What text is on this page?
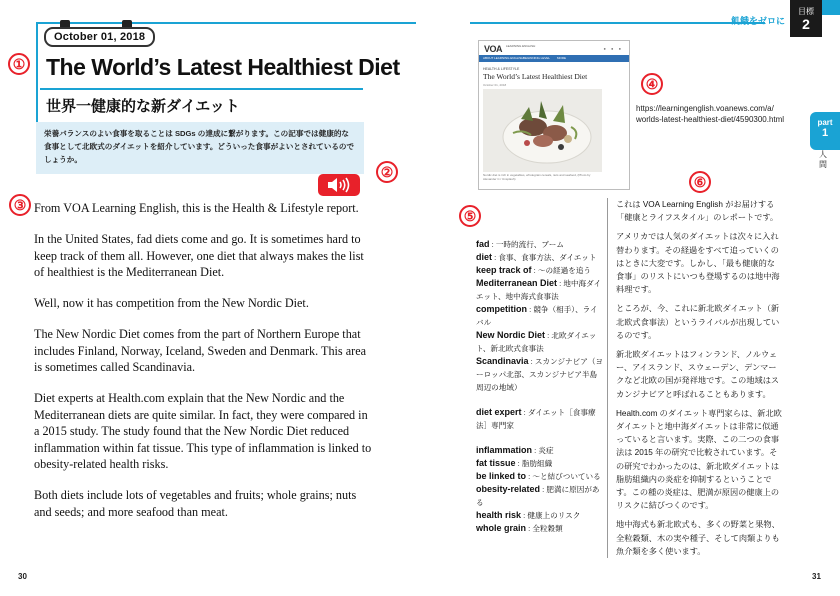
October 01, 2018
飢餓をゼロに
目標
2
①
②
③
④
⑤
⑥
The World’s Latest Healthiest Diet
世界一健康的な新ダイエット
栄養バランスのよい食事を取ることは SDGs の達成に繋がります。この記事では健康的な食事として北欧式のダイエットを紹介しています。どういった食事がよいとされているのでしょうか。

From VOA Learning English, this is the Health & Lifestyle report.

In the United States, fad diets come and go. It is sometimes hard to keep track of them all. However, one diet that always makes the list of healthiest is the Mediterranean Diet.

Well, now it has competition from the New Nordic Diet.

The New Nordic Diet comes from the part of Northern Europe that includes Finland, Norway, Iceland, Sweden and Denmark. This area is sometimes called Scandinavia.

Diet experts at Health.com explain that the New Nordic and the Mediterranean diets are quite similar. In fact, they were compared in a 2015 study. The study found that the New Nordic Diet reduced inflammation within fat tissue. This type of inflammation is linked to obesity-related health risks.

Both diets include lots of vegetables and fruits; whole grains; nuts and seeds; and more seafood than meat.

VOA LEARNING ENGLISH	● ● ●
ABOUT LEARNING ENGLISH BEGINNING LEVEL MORE
HEALTH & LIFESTYLE
The World’s Latest Healthiest Diet
October 01, 2018
Nordic diet is rich in vegetables, wholegrain cereals, nuts and seafood, (Photo by Alexander C./ Unsplash)
https://learningenglish.voanews.com/a/
worlds-latest-healthiest-diet/4590300.html	part
1
人
間
fad : 一時的流行、ブーム
diet : 食事、食事方法、ダイエット
keep track of : ～の経過を追う
Mediterranean Diet : 地中海ダイエット、地中海式食事法
competition : 競争（相手）、ライバル
New Nordic Diet : 北欧ダイエット、新北欧式食事法
Scandinavia : スカンジナビア（ヨーロッパ北部、スカンジナビア半島周辺の地域）
diet expert : ダイエット［食事療法］専門家
inflammation : 炎症
fat tissue : 脂肪組織
be linked to : ～と結びついている
obesity-related : 肥満に原因がある
health risk : 健康上のリスク
whole grain : 全粒穀類

これは VOA Learning English がお届けする「健康とライフスタイル」のレポートです。

アメリカでは人気のダイエットは次々に入れ替わります。その経過をすべて追っていくのはときに大変です。しかし、「最も健康的な食事」のリストにいつも登場するのは地中海料理です。

ところが、今、これに新北欧ダイエット（新北欧式食事法）というライバルが出現しているのです。

新北欧ダイエットはフィンランド、ノルウェー、アイスランド、スウェーデン、デンマークなど北欧の国が発祥地です。この地域はスカンジナビアと呼ばれることもあります。

Health.com のダイエット専門家らは、新北欧ダイエットと地中海ダイエットは非常に似通っていると言います。実際、この二つの食事法は 2015 年の研究で比較されています。その研究でわかったのは、新北欧ダイエットは脂肪組織内の炎症を抑制するということです。この種の炎症は、肥満が原因の健康上のリスクに結びつくのです。

地中海式も新北欧式も、多くの野菜と果物、全粒穀類、木の実や種子、そして肉類よりも魚介類を多く使います。

30	31
